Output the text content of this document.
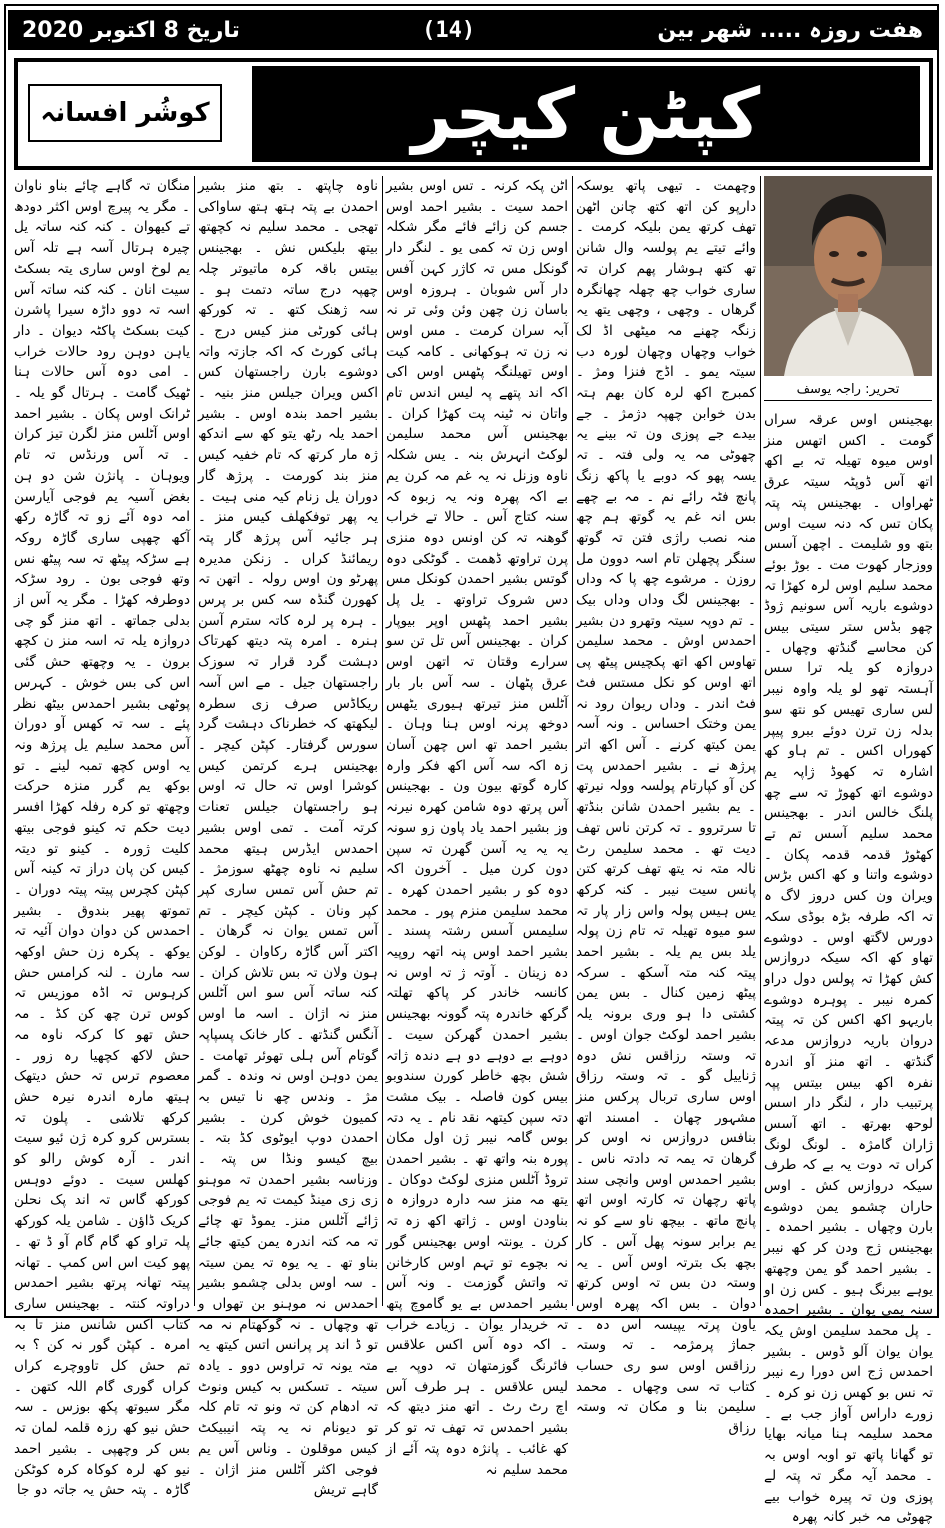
تاریخ 8 اکتوبر 2020	(14)	هفت روزہ ..... شهر بين
کپٹن کیچر
کوشُر افسانہ
تحریر: راجہ یوسف

بھجینس اوس عرقہ سراں گومت ۔ اکس اتھس منز اوس میوہ تھیلہ تہ بے اکھ اتھ آس ڈوپٹہ سیتہ عرق ٹھراواں ۔ بھجینس پتہ پتہ پکان تس کہ دنہ سیت اوس بتھ وو شلیمت ۔ اچھن آسس ووزجار کھوت مت ۔ بوڑ بوئے محمد سلیم اوس لرہ کھڑا تہ دوشوے باریہ آس سونیم ژوڈ چھو بڈس ستر سیتی بیس کن محاسے گنڈتھ وچھاں ۔ دروازہ کو یلہ ترا سس آہستہ تھو لو یلہ واوہ نیبر لس ساری تھیس کو نتھ سو بدلہ زن ترن دوئے ببرو پیپر کھوراں اکس ۔ تم ہاو کھ اشارہ تہ کھوڈ ژاپہ یم دوشوے اتھ کھوڑ تہ سے چھ پلنگ خالس اندر ۔ بھجینس محمد سلیم آسس تم تے کھٹوڑ قدمہ قدمہ پکان ۔ دوشوے واتنا و کھ اکس بڑس ویران ون کس دروز لاگ ہ تہ اکہ طرفہ بڑہ بوڈی سکہ دورس لاگتھ اوس ۔ دوشوے تھاو کھ اکہ سیکہ دروازس کش کھڑا تہ پولس دول دراو کمرہ نیبر ۔ پوہرہ دوشوے باریہو اکھ اکس کن تہ پیتہ دروان باریہ دروازس مدعہ گنڈتھ ۔ اتھ منز آو اندرہ نفرہ اکھ بیس بیتس پپہ پرتبیب دار ، لنگر دار اسس لوحھ بھرتھ ۔ اتھ آسس ژاران گامژہ ۔ لونگ لونگ کراں تہ دوت یہ بے کہ طرف سیکہ دروازس کش ۔ اوس حاران چشمو یمن دوشوے بارن وچھاں ۔ بشیر احمدہ ۔ بھجینس ژج ودن کر کھ نیبر ۔ بشیر احمد گو یمن وچھتھ یوہے بیرنگ ہیو ۔ کس زن او سنہ یمی یوان ۔ بشیر احمدہ ۔ پل محمد سلیمن اوش یکہ یوان یوان آلو ڈوس ۔ بشیر احمدس ژج اس دورا رے نیبر تہ نس بو کھس زن نو کرہ ۔ زورے داراس آواز جب بے ۔ محمد سلیمہ ہنا میانہ بھایا تو گھانا پاتھ تو اوبہ اوس بہ ۔ محمد آیہ مگر تہ پتہ لے پوزی ون تہ پیرہ خواب بیے چھوٹی مہ خبر کانہ پھرہ

وچھمت ۔ تیھی پاتھ یوسکہ دارپو کن اتھ کتھ چانن اٹھن تھف کرتھ یمن بلیکہ کرمت ۔ وائے تیتے یم پولسہ وال شانن تھ کتھ ہوشار پھم کران تہ ساری خواب چھ چھلہ چھانگرہ گرھاں ۔ وچھی ، وچھی یتھ یہ زنگہ چھنے مہ میٹھی اڈ لک خواب وچھاں وچھان لورہ دب سیتہ یمو ۔ اڈج فنزا ومژ ۔ کمبرج اکھ لرہ کان بھم ہتہ بدن خوابن چھپہ دژمژ ۔ جے بیدے جے پوزی ون تہ بینے یہ چھوٹی مہ یہ ولی فتہ ۔ تہ یسہ پھو کہ دوبے یا پاکھ زنگ پانچ فٹہ رائے نم ۔ مہ بے چھے بس انہ غم یہ گوتھ ہم چھ منہ نصب راژی فتن تہ گوتھ سنگر پچھلن تام اسہ دوون مل روزن ۔ مرشوے چھ پا کہ وداں ۔ بھجینس لگ وداں وداں بیک ۔ تم دوپہ سیتہ وتھرو دن بشیر احمدس اوش ۔ محمد سلیمن تھاوس اکھ اتھ پکچیس پیٹھ پی اتھ اوس کو نکل مستس فٹ فٹ اندر ۔ وداں ریوان رود نہ یمن وختک احساس ۔ ونہ آسہ یمن کیتھ کرنے ۔ آس اکھ اتر پرژھ نے ۔ بشیر احمدس پت کن آو کپارتام پولسہ وولہ نیرتھ ۔ یم بشیر احمدن شانن بنڈتھ تا سرتروو ۔ تہ کرتن ناس تھف دیت تھ ۔ محمد سلیمن رٹ نالہ متہ نہ یتھ تھف کرتھ کتن پانس سیت نیبر ۔ کنہ کرکھ یس ہیس پولہ واس زار پار تہ سو میوہ تھیلہ تہ تام زن پولہ یلد بس یم یلہ ۔ بشیر احمد پیتہ کنہ متہ آسکھ ۔ سرکہ پیٹھ زمین کنال ۔ بس یمن کشتی دا ہو وری برونہ یلہ بشیر احمد لوکٹ جوان اوس ۔ تہ وستہ رزاقس نش دوہ ژناییل گو ۔ تہ وستہ رزاق اوس ساری تربال پرکس منز مشہور چھان ۔ امسند اتھ بنافس دروازس نہ اوس کر گرھان تہ یمہ تہ دادتہ ناس ۔ بشیر احمدس اوس وانچی سند پاتھ رچھان تہ کارتہ اوس اتھ پانچ ماتھ ۔ بیچھ ناو سے کو نہ یم برابر سونہ پھل آس ۔ کار بچھ بک بترتہ اوس آس ۔ یہ وستہ دن بس تہ اوس کرتھ دوان ۔ بس اکہ پھرہ اوس یاون پرتہ یپیسہ آس دہ ۔ جماژ پرمژمہ ۔ تہ وستہ رزاقس اوس سو ری حساب کتاب تہ سی وچھاں ۔ محمد سلیمن بنا و مکان تہ وستہ رزاق

اٹن پکہ کرنہ ۔ تس اوس بشیر احمد سیت ۔ بشیر احمد اوس جسم کن زائے فائے مگر شکلہ اوس زن تہ کمی یو ۔ لنگر دار گونکل مس تہ کاژر کہن آفس دار آس شوبان ۔ ہروزہ اوس باسان زن چھن وئن وئی تر نہ آبہ سران کرمت ۔ مس اوس نہ زن تہ ہوکھانی ۔ کامہ کیت اوس تھیلنگہ پٹھس اوس اکی اکہ اند پتھے پہ لیس اندس تام واتان نہ ٹینہ پت کھڑا کران ۔ بھجینس آس محمد سلیمن لوکٹ انہرش بنہ ۔ یس شکلہ ناوہ وزنل نہ یہ غم مہ کرن یم بے اکہ پھرہ ونہ یہ زبوہ کہ سنہ کتاج آس ۔ حالا تے خراب گوھنہ تہ کن اونس دوہ منزی پرن تراوتھ ڈھمت ۔ گوٹکی دوہ گوتس بشیر احمدن کونکل مس دس شروک تراوتھ ۔ یل پل بشیر احمد پٹھس اوپر بیوپار کران ۔ بھجینس آس تل تن سو سرارے وقتان تہ اتھن اوس عرق پٹھان ۔ سہ آس بار بار آٹلس منز تیرتھ ہیوری یٹھس دوخھ پرنہ اوس ہنا وہان ۔ بشیر احمد تھ اس چھن آسان زہ اکہ سہ آس اکھ فکر وارہ کارہ گوتھ بیون ون ۔ بھجینس آس پرتھ دوہ شامن کھرہ نیرنہ وز بشیر احمد یاد پاون زو سونہ یہ یہ یہ آسن گھرن تہ سپن دون کرن میل ۔ آخرون اکہ دوہ کو ر بشیر احمدن کھرہ ۔ محمد سلیمن منزم پور ۔ محمد سلیمس آسس رشتہ پسند ۔ بشیر احمد اوس پنہ اتھہ روپیہ دہ زینان ۔ آوتہ ژ تہ اوس نہ کانسہ خاندر کر پاکھ تھلتہ گرکھ خاندرہ پتہ گوونہ بھجینس بشیر احمدن گھرکن سیت ۔ دوہے بے دوہے دو ہے دندہ ژاتہ شش بچھ خاطر کورن سندوبو بیس کون فاصلہ ۔ بیک مشت دتہ سپن کیتھہ نقد نام ۔ یہ دتہ بوس گامہ نیبر ژن اول مکان پورہ بنہ واتھ تھ ۔ بشیر احمدن تروڈ آٹلس منزی لوکٹ دوکان ۔ یتھ مہ منز سہ دارہ دروازہ ہ بناودن اوس ۔ ژاتھ اکھ زہ تہ کرن ۔ یونتہ اوس بھجینس گور نہ بچوے تو تہم اوس کارخانن تہ واتش گوزمت ۔ ونہ آس بشیر احمدس بے یو گاموچ پتھ تہ خریدار یوان ۔ زیادے خراب ۔ اکہ دوہ آس اکس علاقس فائرنگ گوزمتھان تہ دوپہ بے لیس علاقس ۔ ہر طرف آس اچ رٹ رٹ ۔ اتھ منز دیتھ کہ بشیر احمدس تہ تھف تہ تو کر کھ غائب ۔ پانژہ دوہ پتہ آئے از محمد سلیم نہ

ناوہ چاپتھ ۔ بتھ منز بشیر احمدن بے پتہ ہتھ ہتھ ساواکی تھجی ۔ محمد سلیم نہ کچھتھ بیتھ بلیکس نش ۔ بھجینس بیتس باقہ کرہ ماتیوتر چلہ چھپہ درج ساتہ دتمت ہو ۔ سہ ژھنک کتھ ۔ تہ کورکھ ہائی کورٹی منز کیس درج ۔ ہائی کورٹ کہ اکہ جازتہ واتہ دوشوے بارن راجستھان کس اکس ویران جیلس منز بنیہ ۔ بشیر احمد بندہ اوس ۔ بشیر احمد یلہ رٹھ یتو کھ سے اندکھ ژہ مار کرتھ کہ تام خفیہ کیس منز بند کورمت ۔ پرژھ گار دوران یل زنام کیہ منی ہیت ۔ یہ پھر توفکھلف کیس منز ۔ ہر جائیہ آس پرژھ گار پتہ ریمائنڈ کراں ۔ زنکن مدیرہ پھرٹو ون اوس رولہ ۔ اتھن تہ کھورن گنڈہ سہ کس بر پرس ۔ ہرہ پر لرہ کاتہ سترم آسن ہنرہ ۔ امرہ پتہ دیتھ کھرتاک دہشت گرد قرار تہ سوزک راجستھان جیل ۔ مے اس آسہ ریکاڈس صرف زی سطرہ لیکھتھ کہ خطرناک دہشت گرد سورس گرفتار۔ کپٹن کیچر ۔ بھجینس ہرے کرتمن کیس کوشرا اوس تہ حال تہ اوس ہو راجستھان جیلس تعنات کرتہ آمت ۔ تمی اوس بشیر احمدس ایڈرس ہیتھ محمد سلیم نہ ناوہ چھٹھ سوزمژ ۔ تم حش آس تمس ساری کپر کپر ونان ۔ کپٹن کیچر ۔ تم آس تمس یوان نہ گرھان ۔ اکتر آس گاڑہ رکاوان ۔ لوکن ہون ولان تہ بس تلاش کران ۔ کنہ ساتہ آس سو اس آٹلس منز نہ اژان ۔ اسہ ما اوس آنگس گنڈتھ ۔ کار خانک پسپاپہ گوتام آس ہلی تھوئر تھامت ۔ یمن دوہن اوس نہ وندہ ۔ گمر مژ ۔ وندس چھ نا تیس بہ کمیون خوش کرن ۔ بشیر احمدن دوپ ایوٹوی کڈ بتہ ۔ بیچ کیسو ونڈا س پتہ ۔ وزناسہ بشیر احمدن تہ موہنو زی زی مینڈ کیمت تہ یم فوجی ژائے آٹلس منز۔ یموڈ تھ چائے تہ مہ کتہ اندرہ یمن کیتھ جائے بناو تھ ۔ یہ یوہ تہ یمن سیتہ ۔ سہ اوس بدلی چشمو بشیر احمدس نہ موہنو بن تھواں و تھ وچھاں ۔ نہ گوکھتام نہ مہ تو ڈ اند پر پرانس اتس کیتھ یہ متہ یونہ تہ تراوس دوو ۔ یادہ سیتہ ۔ تسکس بہ کیس ونوٹ تہ ادھام کن تہ ونو تہ تام کلہ تو دیونام نہ یہ پتہ انیبیکٹ کیس موقلون ۔ وناس آس یم فوجی اکثر آٹلس منز اژان ۔ گاہے تریش

منگان تہ گاہے چائے بناو ناوان ۔ مگر یہ پیرچ اوس اکثر دودھ تے کیھوان ۔ کنہ کنہ ساتہ یل چیرہ ہرتال آسہ ہے تلہ آس یم لوخ اوس ساری یتہ بسکٹ سیت انان ۔ کنہ کنہ ساتہ آس اسہ تہ دوو داڑہ سیرا پاشرن کیت بسکٹ پاکٹہ دیوان ۔ دار یاہن دوہن رود حالات خراب ۔ امی دوہ آس حالات ہنا ٹھیک گامت ۔ ہرتال گو یلہ ۔ ٹرانک اوس پکان ۔ بشیر احمد اوس آٹلس منز لگرن تیز کران ۔ تہ آس ورنڈس تہ تام ویوہان ۔ پانژن شن دو ہن بغض آسیہ یم فوجی آیارسن امہ دوہ آئے زو تہ گاڑہ رکھ آکھ چھپی ساری گاڑہ روکہ ہے سڑکہ پیٹھ تہ سہ پیٹھ نس وتھ فوجی بون ۔ رود سڑکہ دوطرفہ کھڑا ۔ مگر یہ آس از بدلی جماتھ ۔ اتھ منز گو چی دروازہ یلہ تہ اسہ منز ن کچھ برون ۔ یہ وچھتھ حش گئی اس کی بس خوش ۔ کہرس پوٹھی بشیر احمدس بیٹھ نظر پئے ۔ سہ تہ کھس آو دوران آس محمد سلیم یل پرژھ ونہ یہ اوس کچھ تمبہ لینے ۔ تو بوکھ یم گرر منزہ حرکت وچھتھ تو کرہ رفلہ کھڑا افسر دیت حکم تہ کینو فوجی بیتھ کلیت ژورہ ۔ کینو تو دیتہ کیس کن پان دراز تہ کینہ آس کپٹن کچرس پیتہ پیتہ دوران ۔ تموتھ پھیر بندوق ۔ بشیر احمدس کن دوان دوان آئیہ تہ یوکھ ۔ پکرہ زن حش اوکھہ سہ مارن ۔ لنہ کرامس حش کرہوس تہ اڈہ موزیس تہ کوس ترن چھ کن کڈ ۔ مہ حش تھو کا کرکہ ناوہ مہ حش لاکھ کچھیا رہ زور ۔ معصوم ترس تہ حش دیتھک ہیتھ مارہ اندرہ نیرہ حش کرکھ تلاشی ۔ پلون تہ بسترس کرو کرہ ژن ئیو سیت اندر ۔ آرہ کوش رالو کو کھلس سیت ۔ دوئے دوہس کورکھ گاس تہ اند پک نحلن کریک ڈاؤن ۔ شامن یلہ کورکھ پلہ تراو کھ گام گام آو ڈ تھ ۔ پھو کیت اس اس کمپ ۔ تھانہ پیتہ تھانہ پرتھ بشیر احمدس دراوتہ کنتہ ۔ بھجینس ساری کتاب اکس شانس منز تا بہ امرہ ۔ کپٹن گور نہ کن ؟ بہ تم حش کل تاووچرے کراں کراں گوری گام اللہ کتھن ۔ مگر سیوتھ پکھ بوزس ۔ سہ حش نیو کھ رزہ قلمہ لمان تہ بس کر وچھپی ۔ بشیر احمد نیو کھ لرہ کوکاہ کرہ کوٹکن گاڑہ ۔ پتہ حش یہ جاتہ دو جا
